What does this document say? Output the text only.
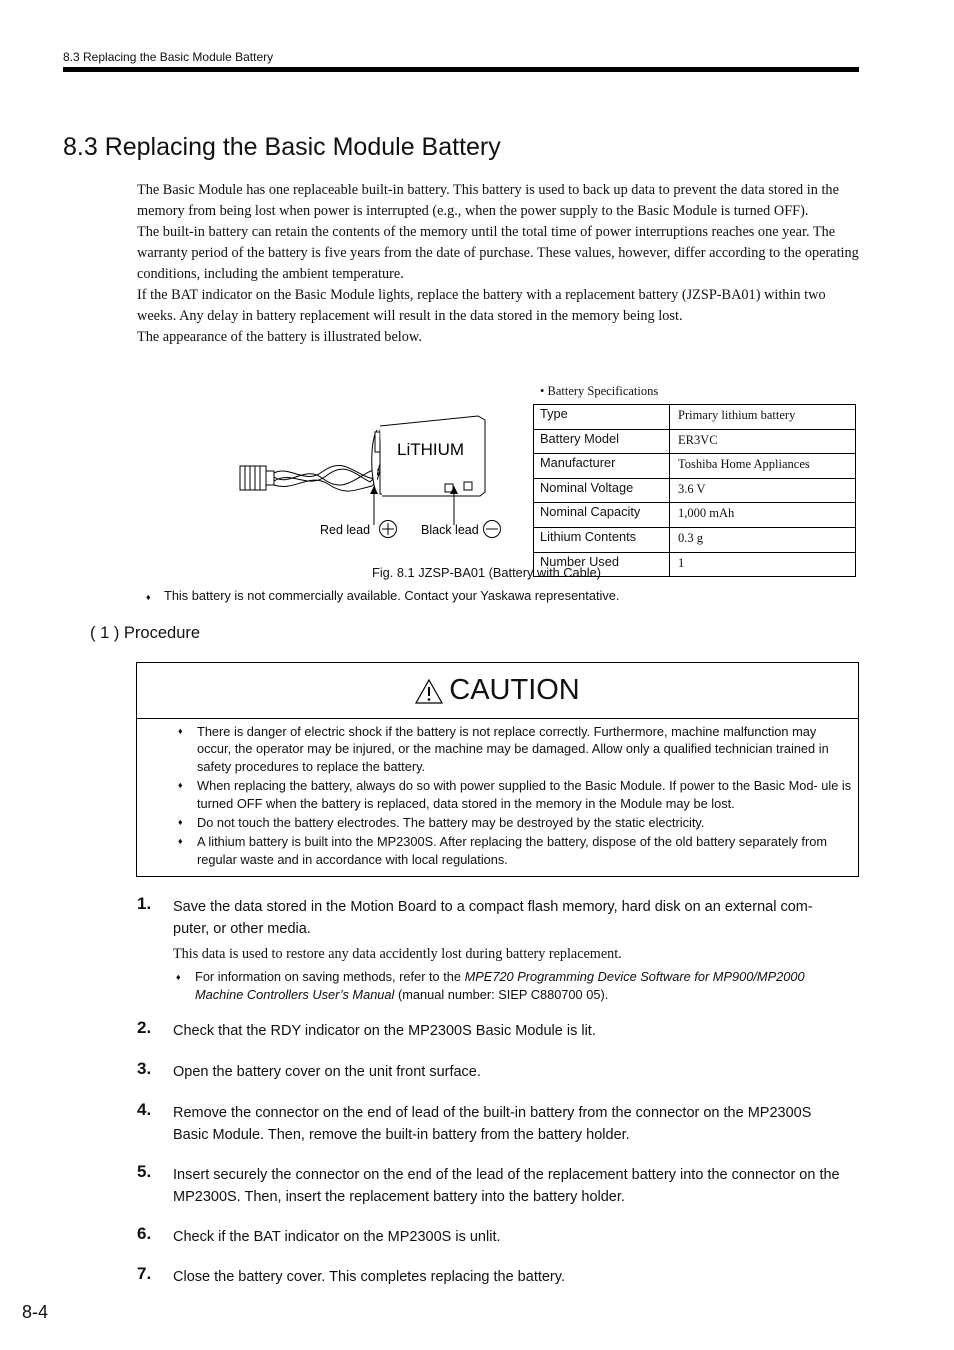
8.3 Replacing the Basic Module Battery
8.3 Replacing the Basic Module Battery

The Basic Module has one replaceable built-in battery. This battery is used to back up data to prevent the data stored in the memory from being lost when power is interrupted (e.g., when the power supply to the Basic Module is turned OFF).

The built-in battery can retain the contents of the memory until the total time of power interruptions reaches one year. The warranty period of the battery is five years from the date of purchase. These values, however, differ according to the operating conditions, including the ambient temperature.

If the BAT indicator on the Basic Module lights, replace the battery with a replacement battery (JZSP-BA01) within two weeks. Any delay in battery replacement will result in the data stored in the memory being lost.

The appearance of the battery is illustrated below.

LiTHIUM
Red lead	Black lead
• Battery Specifications
Type	Primary lithium battery
Battery Model	ER3VC
Manufacturer	Toshiba Home Appliances
Nominal Voltage	3.6 V
Nominal Capacity	1,000 mAh
Lithium Contents	0.3 g
Number Used	1
Fig. 8.1 JZSP-BA01 (Battery with Cable)
♦ This battery is not commercially available. Contact your Yaskawa representative.
( 1 ) Procedure
CAUTION
♦ There is danger of electric shock if the battery is not replace correctly. Furthermore, machine malfunction may occur, the operator may be injured, or the machine may be damaged. Allow only a qualified technician trained in safety procedures to replace the battery.
♦ When replacing the battery, always do so with power supplied to the Basic Module. If power to the Basic Mod- ule is turned OFF when the battery is replaced, data stored in the memory in the Module may be lost.
♦ Do not touch the battery electrodes. The battery may be destroyed by the static electricity.
♦ A lithium battery is built into the MP2300S. After replacing the battery, dispose of the old battery separately from regular waste and in accordance with local regulations.
1. Save the data stored in the Motion Board to a compact flash memory, hard disk on an external com- puter, or other media.
This data is used to restore any data accidently lost during battery replacement.
♦ For information on saving methods, refer to the MPE720 Programming Device Software for MP900/MP2000 Machine Controllers User’s Manual (manual number: SIEP C880700 05).
2. Check that the RDY indicator on the MP2300S Basic Module is lit.
3. Open the battery cover on the unit front surface.
4. Remove the connector on the end of lead of the built-in battery from the connector on the MP2300S Basic Module. Then, remove the built-in battery from the battery holder.
5. Insert securely the connector on the end of the lead of the replacement battery into the connector on the MP2300S. Then, insert the replacement battery into the battery holder.
6. Check if the BAT indicator on the MP2300S is unlit.
7. Close the battery cover. This completes replacing the battery.
8-4
